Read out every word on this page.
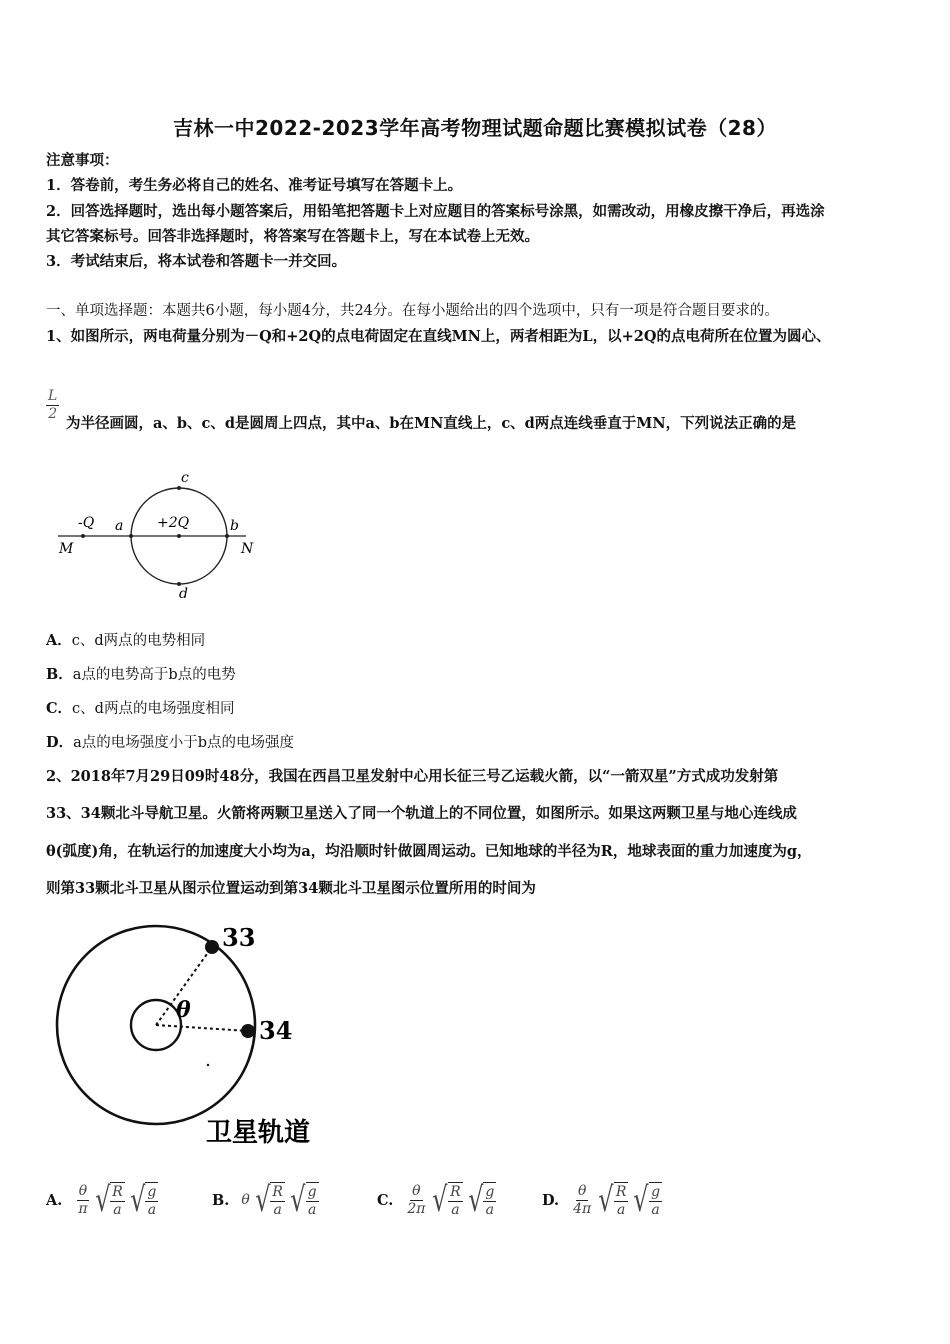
吉林一中2022-2023学年高考物理试题命题比赛模拟试卷（28）
注意事项：
1．答卷前，考生务必将自己的姓名、准考证号填写在答题卡上。
2．回答选择题时，选出每小题答案后，用铅笔把答题卡上对应题目的答案标号涂黑，如需改动，用橡皮擦干净后，再选涂
其它答案标号。回答非选择题时，将答案写在答题卡上，写在本试卷上无效。
3．考试结束后，将本试卷和答题卡一并交回。
一、单项选择题：本题共6小题，每小题4分，共24分。在每小题给出的四个选项中，只有一项是符合题目要求的。
1、如图所示，两电荷量分别为－Q和+2Q的点电荷固定在直线MN上，两者相距为L，以+2Q的点电荷所在位置为圆心、
$\frac{L}{2}$
为半径画圆，a、b、c、d是圆周上四点，其中a、b在MN直线上，c、d两点连线垂直于MN，下列说法正确的是
c
d
a	b
-Q	+2Q
M	N
A．c、d两点的电势相同
B．a点的电势高于b点的电势
C．c、d两点的电场强度相同
D．a点的电场强度小于b点的电场强度
2、2018年7月29日09时48分，我国在西昌卫星发射中心用长征三号乙运载火箭，以“一箭双星”方式成功发射第
33、34颗北斗导航卫星。火箭将两颗卫星送入了同一个轨道上的不同位置，如图所示。如果这两颗卫星与地心连线成
θ(弧度)角，在轨运行的加速度大小均为a，均沿顺时针做圆周运动。已知地球的半径为R，地球表面的重力加速度为g，
则第33颗北斗卫星从图示位置运动到第34颗北斗卫星图示位置所用的时间为
33
34
θ
卫星轨道
A. $\frac{\theta}{\pi}$ √ $\frac{R}{a}$ √ $\frac{g}{a}$	B. θ √ $\frac{R}{a}$ √ $\frac{g}{a}$	C. $\frac{\theta}{2\pi}$ √ $\frac{R}{a}$ √ $\frac{g}{a}$	D. $\frac{\theta}{4\pi}$ √ $\frac{R}{a}$ √ $\frac{g}{a}$
